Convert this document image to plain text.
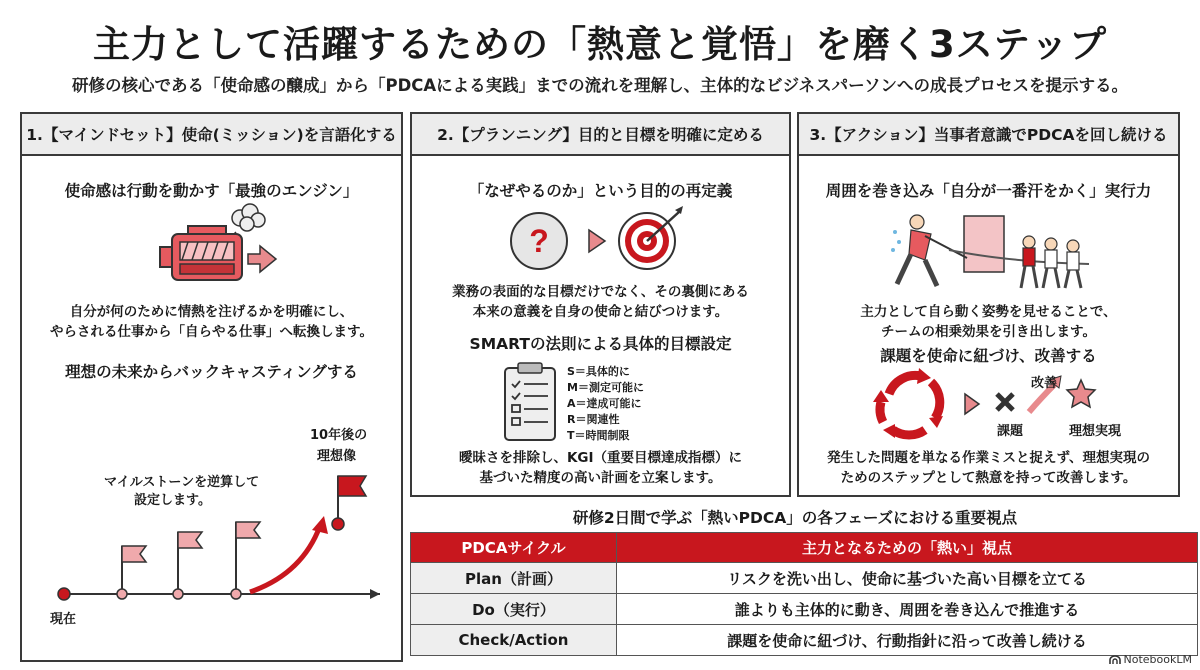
主力として活躍するための「熱意と覚悟」を磨く3ステップ
研修の核心である「使命感の醸成」から「PDCAによる実践」までの流れを理解し、主体的なビジネスパーソンへの成長プロセスを提示する。
1.【マインドセット】使命(ミッション)を言語化する
使命感は行動を動かす「最強のエンジン」
自分が何のために情熱を注げるかを明確にし、
やらされる仕事から「自らやる仕事」へ転換します。
理想の未来からバックキャスティングする
10年後の
理想像
マイルストーンを逆算して
設定します。
現在
2.【プランニング】目的と目標を明確に定める
「なぜやるのか」という目的の再定義
?
業務の表面的な目標だけでなく、その裏側にある
本来の意義を自身の使命と結びつけます。
SMARTの法則による具体的目標設定
S＝具体的に
M＝測定可能に
A＝達成可能に
R＝関連性
T＝時間制限
曖昧さを排除し、KGI（重要目標達成指標）に
基づいた精度の高い計画を立案します。
3.【アクション】当事者意識でPDCAを回し続ける
周囲を巻き込み「自分が一番汗をかく」実行力
主力として自ら動く姿勢を見せることで、
チームの相乗効果を引き出します。
課題を使命に紐づけ、改善する
改善
課題	理想実現
発生した問題を単なる作業ミスと捉えず、理想実現の
ためのステップとして熱意を持って改善します。
研修2日間で学ぶ「熱いPDCA」の各フェーズにおける重要視点
PDCAサイクル	主力となるための「熱い」視点
Plan（計画）	リスクを洗い出し、使命に基づいた高い目標を立てる
Do（実行）	誰よりも主体的に動き、周囲を巻き込んで推進する
Check/Action	課題を使命に紐づけ、行動指針に沿って改善し続ける
NotebookLM
